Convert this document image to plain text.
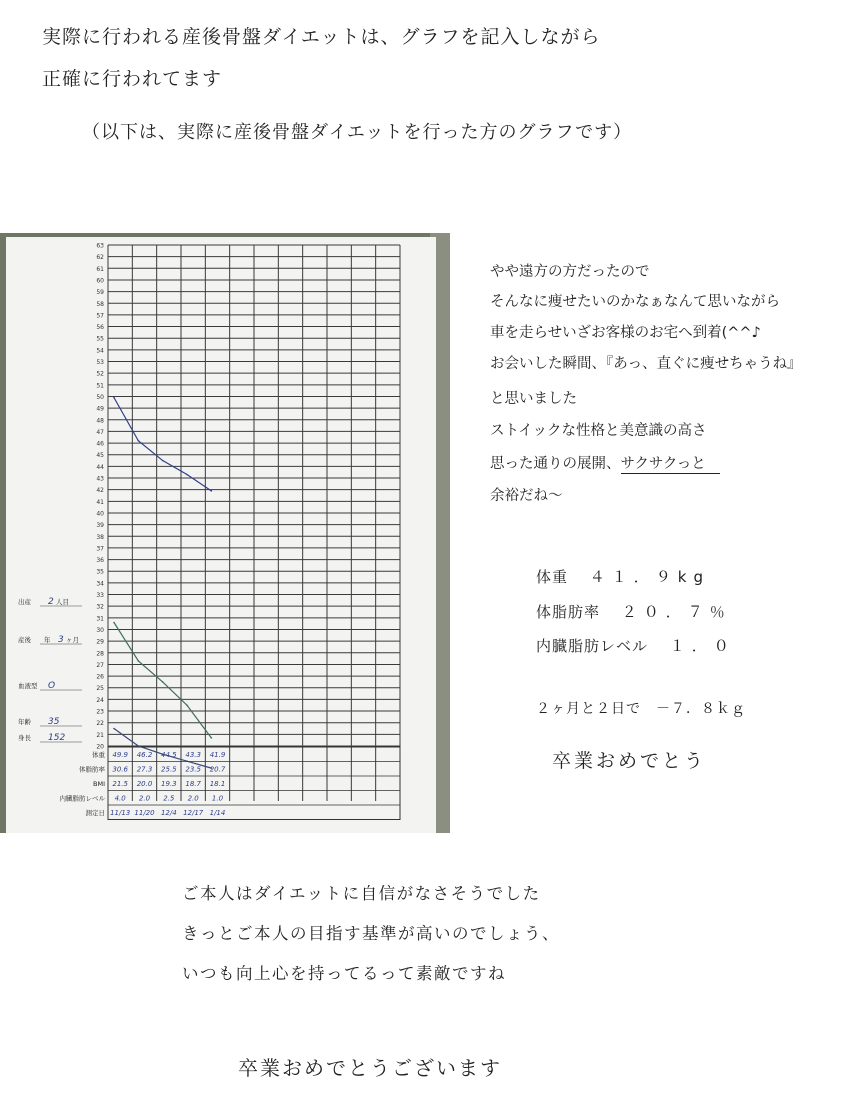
実際に行われる産後骨盤ダイエットは、グラフを記入しながら
正確に行われてます
（以下は、実際に産後骨盤ダイエットを行った方のグラフです）
63
62
61
60
59
58
57
56
55
54
53
52
51
50
49
48
47
46
45
44
43
42
41
40
39
38
37
36
35
34
33
32
31
30
29
28
27
26
25
24
23
22
21
20
体重
体脂肪率
BMI
内臓脂肪レベル
測定日
49.9 46.2 44.5 43.3 41.9
30.6 27.3 25.5 23.5 20.7
21.5 20.0 19.3 18.7 18.1
4.0 2.0 2.5 2.0 1.0
11/13 11/20 12/4 12/17 1/14
出産 2 人目
産後 年 3 ヶ月
血液型 O
年齢 35
身長 152
やや遠方の方だったので
そんなに痩せたいのかなぁなんて思いながら
車を走らせいざお客様のお宅へ到着(^^♪
お会いした瞬間、『あっ、直ぐに痩せちゃうね』
と思いました
ストイックな性格と美意識の高さ
思った通りの展開、サクサクっと　
余裕だね～
体重　 ４１．９kg
体脂肪率　 ２０．７％
内臓脂肪レベル　 １．０
２ヶ月と２日で　－７．８ｋｇ
卒業おめでとう
ご本人はダイエットに自信がなさそうでした
きっとご本人の目指す基準が高いのでしょう、
いつも向上心を持ってるって素敵ですね
卒業おめでとうございます
